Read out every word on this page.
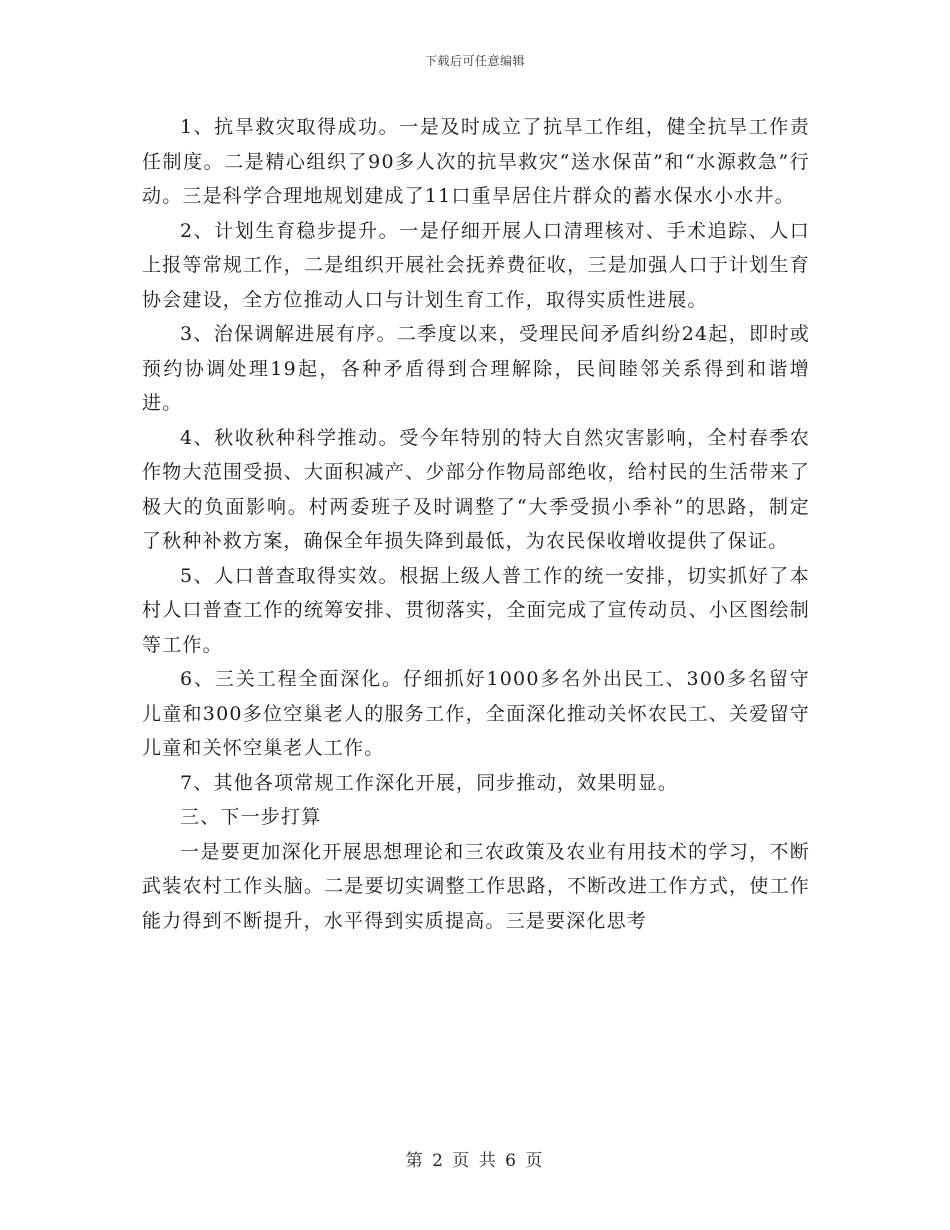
下载后可任意编辑

1、抗旱救灾取得成功。一是及时成立了抗旱工作组，健全抗旱工作责任制度。二是精心组织了90多人次的抗旱救灾“送水保苗”和“水源救急”行动。三是科学合理地规划建成了11口重旱居住片群众的蓄水保水小水井。

2、计划生育稳步提升。一是仔细开展人口清理核对、手术追踪、人口上报等常规工作，二是组织开展社会抚养费征收，三是加强人口于计划生育协会建设，全方位推动人口与计划生育工作，取得实质性进展。

3、治保调解进展有序。二季度以来，受理民间矛盾纠纷24起，即时或预约协调处理19起，各种矛盾得到合理解除，民间睦邻关系得到和谐增进。

4、秋收秋种科学推动。受今年特别的特大自然灾害影响，全村春季农作物大范围受损、大面积减产、少部分作物局部绝收，给村民的生活带来了极大的负面影响。村两委班子及时调整了“大季受损小季补”的思路，制定了秋种补救方案，确保全年损失降到最低，为农民保收增收提供了保证。

5、人口普查取得实效。根据上级人普工作的统一安排，切实抓好了本村人口普查工作的统筹安排、贯彻落实，全面完成了宣传动员、小区图绘制等工作。

6、三关工程全面深化。仔细抓好1000多名外出民工、300多名留守儿童和300多位空巢老人的服务工作，全面深化推动关怀农民工、关爱留守儿童和关怀空巢老人工作。

7、其他各项常规工作深化开展，同步推动，效果明显。

三、下一步打算

一是要更加深化开展思想理论和三农政策及农业有用技术的学习，不断武装农村工作头脑。二是要切实调整工作思路，不断改进工作方式，使工作能力得到不断提升，水平得到实质提高。三是要深化思考

第 2 页 共 6 页
